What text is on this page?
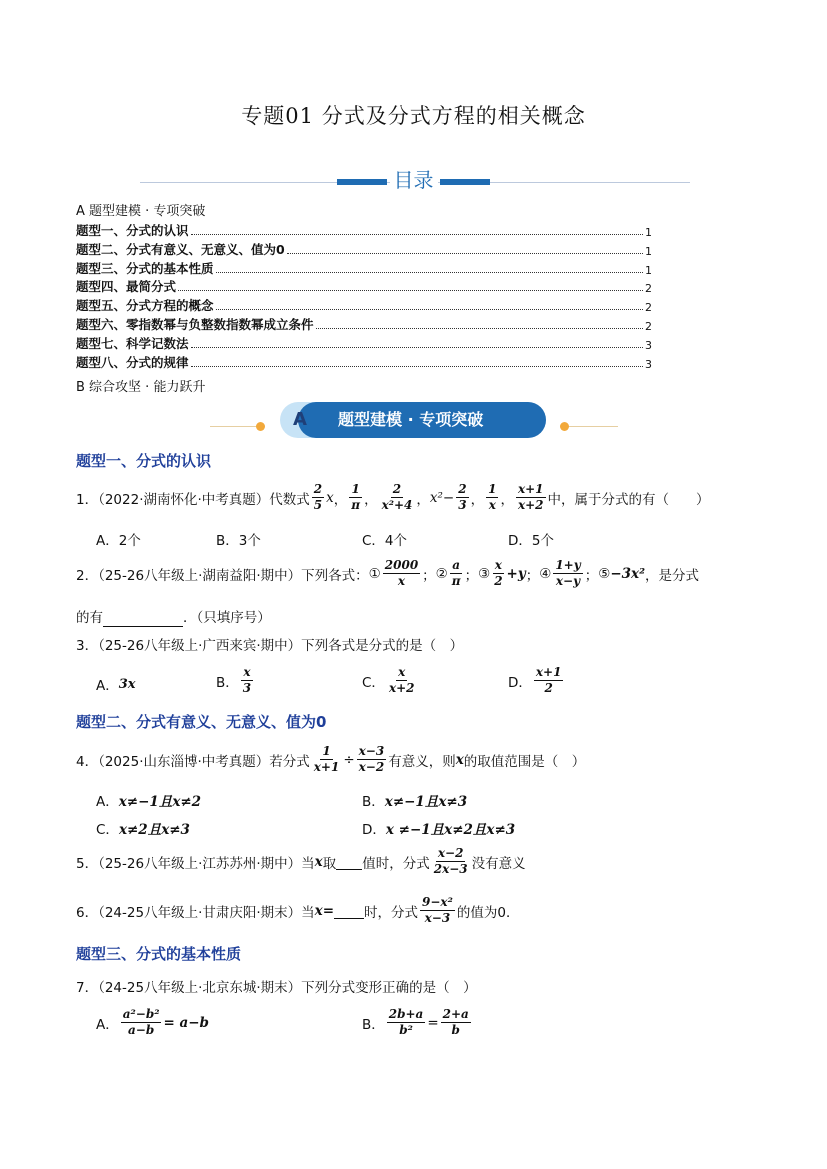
专题01 分式及分式方程的相关概念
目录
A 题型建模 · 专项突破
题型一、分式的认识	1
题型二、分式有意义、无意义、值为0	1
题型三、分式的基本性质	1
题型四、最简分式	2
题型五、分式方程的概念	2
题型六、零指数幂与负整数指数幂成立条件	2
题型七、科学记数法	3
题型八、分式的规律	3
B 综合攻坚 · 能力跃升
题型建模 · 专项突破
A
题型一、分式的认识
1．（2022·湖南怀化·中考真题）代数式 $\frac{2}{5}$ x ， $\frac{1}{\pi}$ ， $\frac{2}{\text{x²+4}}$ ， $x^2 - \frac{2}{3}$ ， $\frac{1}{x}$ ， $\frac{x+1}{x+2}$ 中，属于分式的有（　　）
A．2个	B．3个	C．4个	D．5个
2．（25-26八年级上·湖南益阳·期中）下列各式： ① $\frac{2000}{x}$ ； ② $\frac{a}{\pi}$ ； ③ $\frac{x}{2} +y$ ； ④ $\frac{1+y}{x-y}$ ； ⑤ −3x² ，是分式
的有	．（只填序号）
3．（25-26八年级上·广西来宾·期中）下列各式是分式的是（　）
A． 3x	B． $\frac{x}{3}$	C． $\frac{x}{x+2}$	D． $\frac{x+1}{2}$
题型二、分式有意义、无意义、值为0
4．（2025·山东淄博·中考真题）若分式 $\frac{1}{x+1} \div \frac{x-3}{x-2}$ 有意义，则 x 的取值范围是（　）
A．x≠−1且x≠2	B．x≠−1且x≠3
C．x≠2且x≠3	D．x ≠−1且x≠2且x≠3
5．（25-26八年级上·江苏苏州·期中）当 x 取
值时，分式 $\frac{x-2}{2x-3}$ 没有意义
6．（24-25八年级上·甘肃庆阳·期末）当 x=
时，分式 $\frac{\text{9−x²}}{x-3}$ 的值为0．
题型三、分式的基本性质
7．（24-25八年级上·北京东城·期末）下列分式变形正确的是（　）
A． $\frac{\text{a²−b²}}{a-b} = a-b$	B． $\frac{2b+a}{\text{b²}} = \frac{2+a}{b}$
